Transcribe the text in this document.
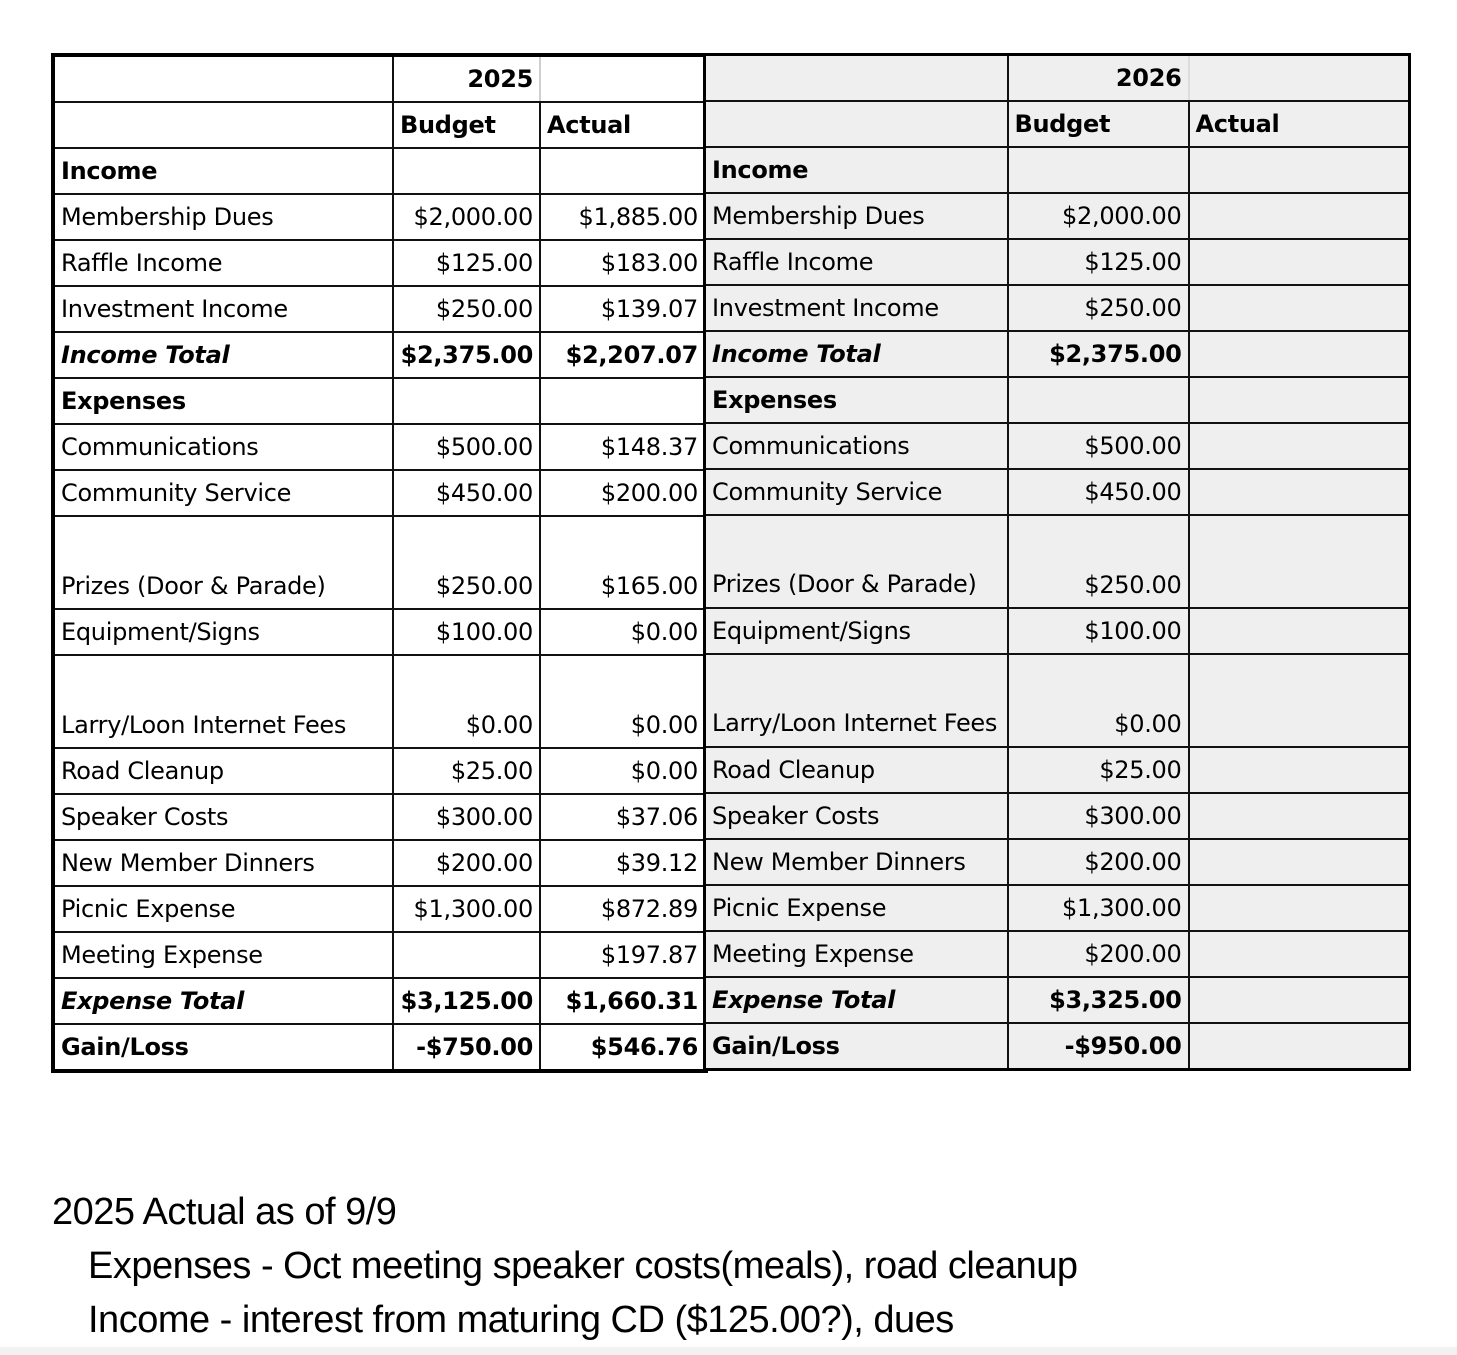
	2025	
	Budget	Actual
Income		
Membership Dues	$2,000.00	$1,885.00
Raffle Income	$125.00	$183.00
Investment Income	$250.00	$139.07
Income Total	$2,375.00	$2,207.07
Expenses		
Communications	$500.00	$148.37
Community Service	$450.00	$200.00
Prizes (Door & Parade)	$250.00	$165.00
Equipment/Signs	$100.00	$0.00
Larry/Loon Internet Fees	$0.00	$0.00
Road Cleanup	$25.00	$0.00
Speaker Costs	$300.00	$37.06
New Member Dinners	$200.00	$39.12
Picnic Expense	$1,300.00	$872.89
Meeting Expense		$197.87
Expense Total	$3,125.00	$1,660.31
Gain/Loss	-$750.00	$546.76
	2026	
	Budget	Actual
Income		
Membership Dues	$2,000.00	
Raffle Income	$125.00	
Investment Income	$250.00	
Income Total	$2,375.00	
Expenses		
Communications	$500.00	
Community Service	$450.00	
Prizes (Door & Parade)	$250.00	
Equipment/Signs	$100.00	
Larry/Loon Internet Fees	$0.00	
Road Cleanup	$25.00	
Speaker Costs	$300.00	
New Member Dinners	$200.00	
Picnic Expense	$1,300.00	
Meeting Expense	$200.00	
Expense Total	$3,325.00	
Gain/Loss	-$950.00	
2025 Actual as of 9/9
Expenses - Oct meeting speaker costs(meals), road cleanup
Income - interest from maturing CD ($125.00?), dues
